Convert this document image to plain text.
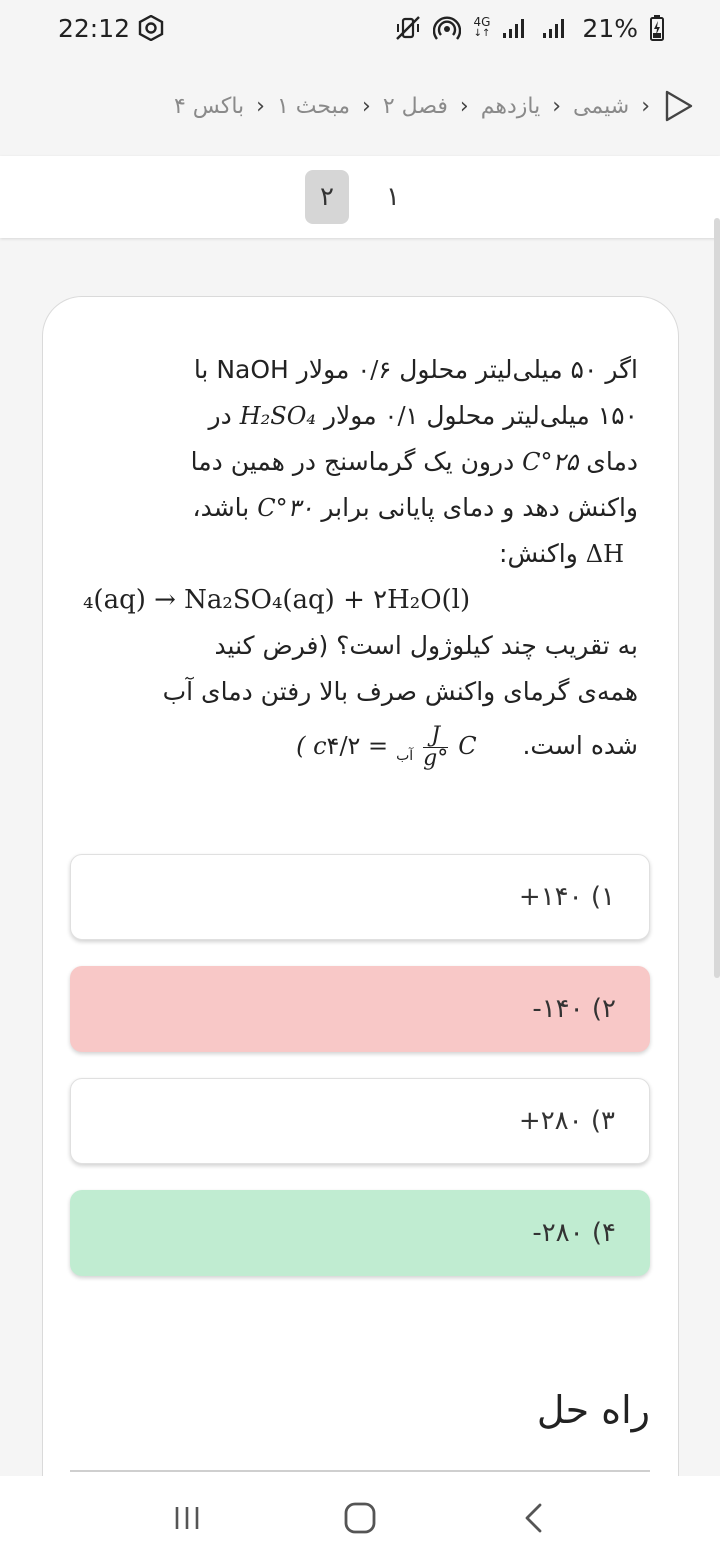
22:12	4G
↓↑	21%
‹
شیمی
‹
یازدهم
‹
فصل ۲
‹
مبحث ۱
‹
باکس ۴
۲	۱
اگر ۵۰ میلی‌لیتر محلول ۰/۶ مولار NaOH با
۱۵۰ میلی‌لیتر محلول ۰/۱ مولار H₂SO₄ در
دمای ۲۵°C درون یک گرماسنج در همین دما
واکنش دهد و دمای پایانی برابر ۳۰°C باشد،
ΔH واکنش:
₄(aq) → Na₂SO₄(aq) + ۲H₂O(l)
به تقریب چند کیلوژول است؟ (فرض کنید
همه‌ی گرمای واکنش صرف بالا رفتن دمای آب
شده است.  ( c	$_{آب}$ = ۴/۲ $\frac{J}{g^\circ}$ C
۱) ۱۴۰+
۲) ۱۴۰-
۳) ۲۸۰+
۴) ۲۸۰-
راه حل
